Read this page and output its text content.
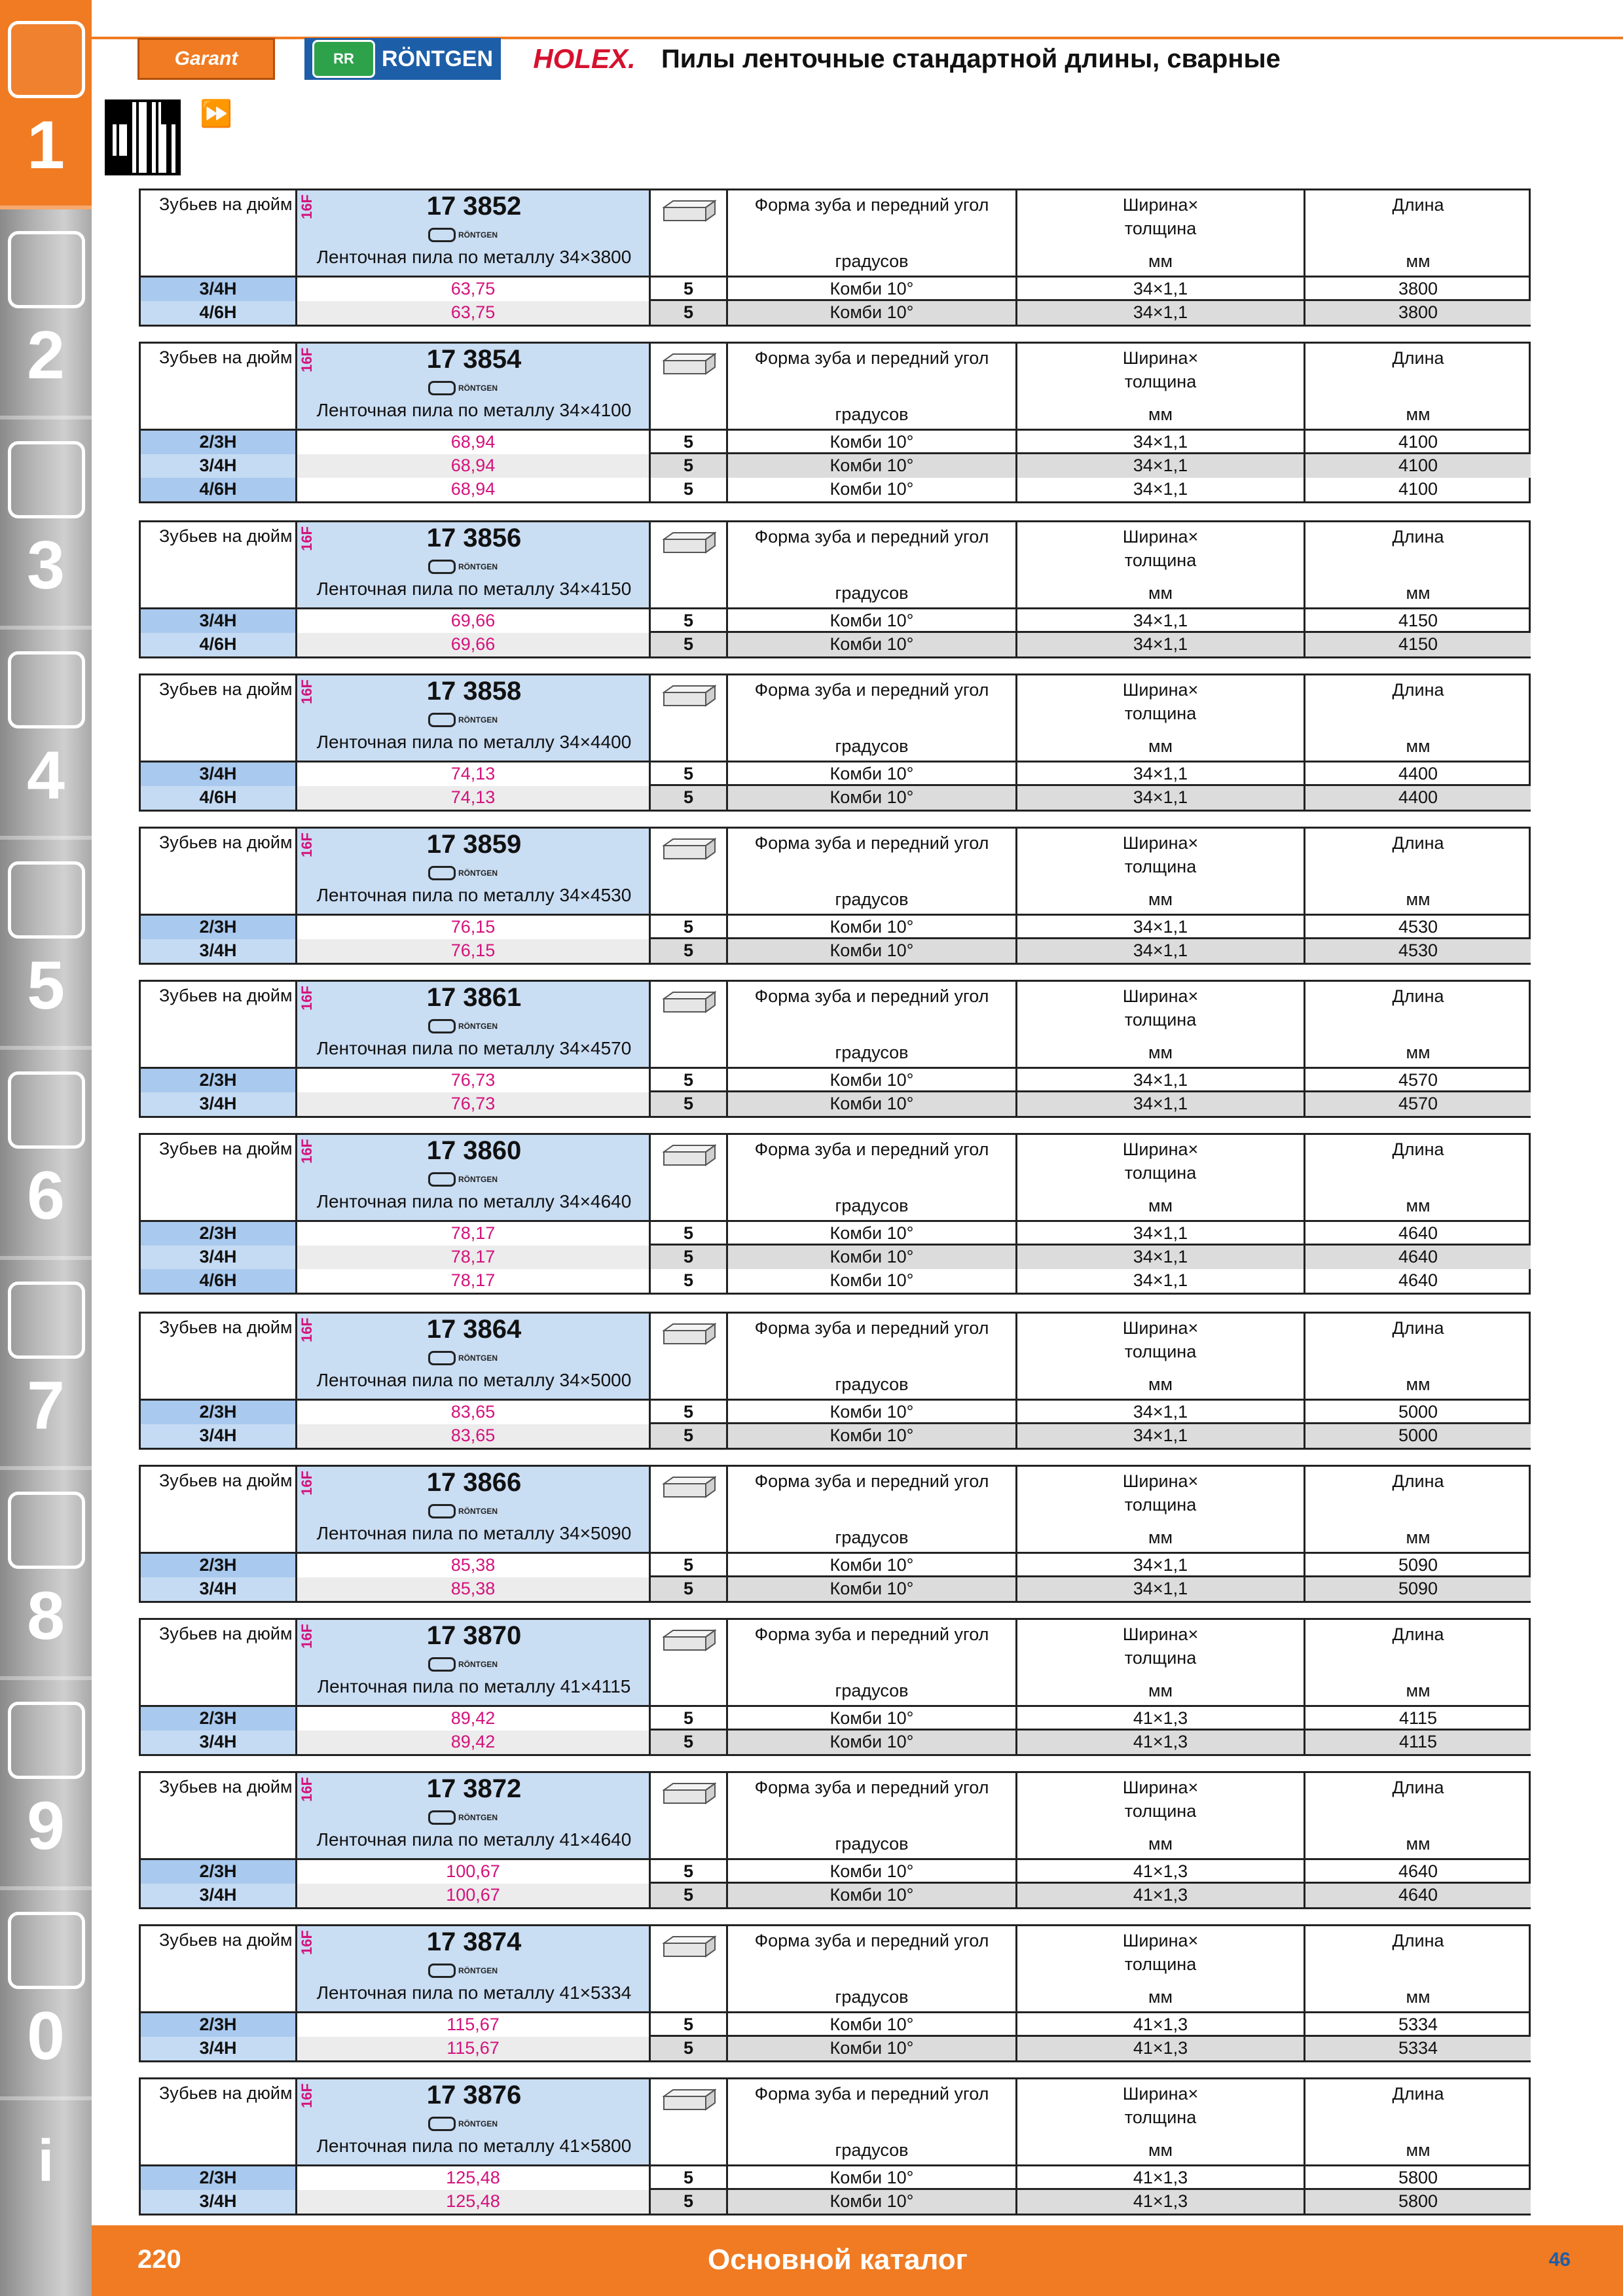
1
2
3
4
5
6
7
8
9
0
i
Garant	RR	RÖNTGEN HOLEX. Пилы ленточные стандартной длины, сварные
⏩
Зубьев на дюйм 16F	17 3852
RÖNTGEN
Ленточная пила по металлу 34×3800
Форма зуба и передний угол
градусов
Ширина× толщина
мм
Длина
мм
3/4H	63,75	5	Комби 10°	34×1,1	3800
4/6H	63,75	5	Комби 10°	34×1,1	3800
Зубьев на дюйм 16F	17 3854
RÖNTGEN
Ленточная пила по металлу 34×4100
Форма зуба и передний угол
градусов
Ширина× толщина
мм
Длина
мм
2/3H	68,94	5	Комби 10°	34×1,1	4100
3/4H	68,94	5	Комби 10°	34×1,1	4100
4/6H	68,94	5	Комби 10°	34×1,1	4100
Зубьев на дюйм 16F	17 3856
RÖNTGEN
Ленточная пила по металлу 34×4150
Форма зуба и передний угол
градусов
Ширина× толщина
мм
Длина
мм
3/4H	69,66	5	Комби 10°	34×1,1	4150
4/6H	69,66	5	Комби 10°	34×1,1	4150
Зубьев на дюйм 16F	17 3858
RÖNTGEN
Ленточная пила по металлу 34×4400
Форма зуба и передний угол
градусов
Ширина× толщина
мм
Длина
мм
3/4H	74,13	5	Комби 10°	34×1,1	4400
4/6H	74,13	5	Комби 10°	34×1,1	4400
Зубьев на дюйм 16F	17 3859
RÖNTGEN
Ленточная пила по металлу 34×4530
Форма зуба и передний угол
градусов
Ширина× толщина
мм
Длина
мм
2/3H	76,15	5	Комби 10°	34×1,1	4530
3/4H	76,15	5	Комби 10°	34×1,1	4530
Зубьев на дюйм 16F	17 3861
RÖNTGEN
Ленточная пила по металлу 34×4570
Форма зуба и передний угол
градусов
Ширина× толщина
мм
Длина
мм
2/3H	76,73	5	Комби 10°	34×1,1	4570
3/4H	76,73	5	Комби 10°	34×1,1	4570
Зубьев на дюйм 16F	17 3860
RÖNTGEN
Ленточная пила по металлу 34×4640
Форма зуба и передний угол
градусов
Ширина× толщина
мм
Длина
мм
2/3H	78,17	5	Комби 10°	34×1,1	4640
3/4H	78,17	5	Комби 10°	34×1,1	4640
4/6H	78,17	5	Комби 10°	34×1,1	4640
Зубьев на дюйм 16F	17 3864
RÖNTGEN
Ленточная пила по металлу 34×5000
Форма зуба и передний угол
градусов
Ширина× толщина
мм
Длина
мм
2/3H	83,65	5	Комби 10°	34×1,1	5000
3/4H	83,65	5	Комби 10°	34×1,1	5000
Зубьев на дюйм 16F	17 3866
RÖNTGEN
Ленточная пила по металлу 34×5090
Форма зуба и передний угол
градусов
Ширина× толщина
мм
Длина
мм
2/3H	85,38	5	Комби 10°	34×1,1	5090
3/4H	85,38	5	Комби 10°	34×1,1	5090
Зубьев на дюйм 16F	17 3870
RÖNTGEN
Ленточная пила по металлу 41×4115
Форма зуба и передний угол
градусов
Ширина× толщина
мм
Длина
мм
2/3H	89,42	5	Комби 10°	41×1,3	4115
3/4H	89,42	5	Комби 10°	41×1,3	4115
Зубьев на дюйм 16F	17 3872
RÖNTGEN
Ленточная пила по металлу 41×4640
Форма зуба и передний угол
градусов
Ширина× толщина
мм
Длина
мм
2/3H	100,67	5	Комби 10°	41×1,3	4640
3/4H	100,67	5	Комби 10°	41×1,3	4640
Зубьев на дюйм 16F	17 3874
RÖNTGEN
Ленточная пила по металлу 41×5334
Форма зуба и передний угол
градусов
Ширина× толщина
мм
Длина
мм
2/3H	115,67	5	Комби 10°	41×1,3	5334
3/4H	115,67	5	Комби 10°	41×1,3	5334
Зубьев на дюйм 16F	17 3876
RÖNTGEN
Ленточная пила по металлу 41×5800
Форма зуба и передний угол
градусов
Ширина× толщина
мм
Длина
мм
2/3H	125,48	5	Комби 10°	41×1,3	5800
3/4H	125,48	5	Комби 10°	41×1,3	5800
220	Основной каталог	46
